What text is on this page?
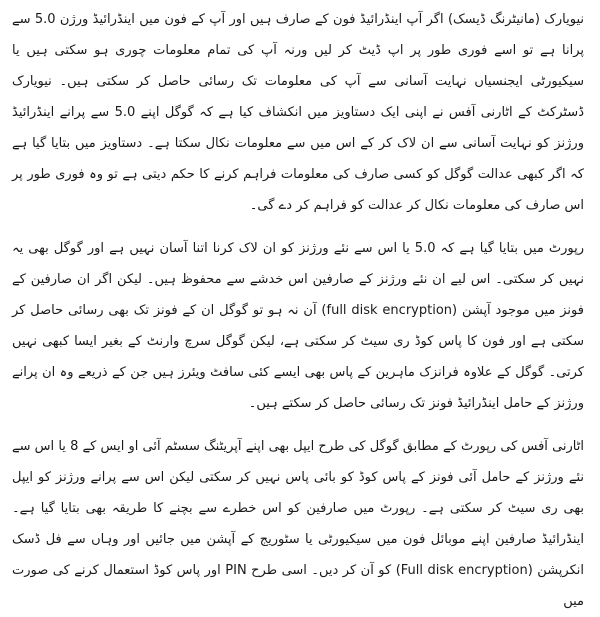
نیویارک (مانیٹرنگ ڈیسک) اگر آپ اینڈرائیڈ فون کے صارف ہیں اور آپ کے فون میں اینڈرائیڈ ورژن 5.0 سے پرانا ہے تو اسے فوری طور پر اپ ڈیٹ کر لیں ورنہ آپ کی تمام معلومات چوری ہو سکتی ہیں یا سیکیورٹی ایجنسیاں نہایت آسانی سے آپ کی معلومات تک رسائی حاصل کر سکتی ہیں۔ نیویارک ڈسٹرکٹ کے اٹارنی آفس نے اپنی ایک دستاویز میں انکشاف کیا ہے کہ گوگل اپنے 5.0 سے پرانے اینڈرائیڈ ورژنز کو نہایت آسانی سے ان لاک کر کے اس میں سے معلومات نکال سکتا ہے۔ دستاویز میں بتایا گیا ہے کہ اگر کبھی عدالت گوگل کو کسی صارف کی معلومات فراہم کرنے کا حکم دیتی ہے تو وہ فوری طور پر اس صارف کی معلومات نکال کر عدالت کو فراہم کر دے گی۔

رپورٹ میں بتایا گیا ہے کہ 5.0 یا اس سے نئے ورژنز کو ان لاک کرنا اتنا آسان نہیں ہے اور گوگل بھی یہ نہیں کر سکتی۔ اس لیے ان نئے ورژنز کے صارفین اس خدشے سے محفوظ ہیں۔ لیکن اگر ان صارفین کے فونز میں موجود آپشن (full disk encryption) آن نہ ہو تو گوگل ان کے فونز تک بھی رسائی حاصل کر سکتی ہے اور فون کا پاس کوڈ ری سیٹ کر سکتی ہے، لیکن گوگل سرچ وارنٹ کے بغیر ایسا کبھی نہیں کرتی۔ گوگل کے علاوہ فرانزک ماہرین کے پاس بھی ایسے کئی سافٹ ویئرز ہیں جن کے ذریعے وہ ان پرانے ورژنز کے حامل اینڈرائیڈ فونز تک رسائی حاصل کر سکتے ہیں۔

اٹارنی آفس کی رپورٹ کے مطابق گوگل کی طرح ایپل بھی اپنے آپریٹنگ سسٹم آئی او ایس کے 8 یا اس سے نئے ورژنز کے حامل آئی فونز کے پاس کوڈ کو بائی پاس نہیں کر سکتی لیکن اس سے پرانے ورژنز کو ایپل بھی ری سیٹ کر سکتی ہے۔ رپورٹ میں صارفین کو اس خطرے سے بچنے کا طریقہ بھی بتایا گیا ہے۔ اینڈرائیڈ صارفین اپنے موبائل فون میں سیکیورٹی یا سٹوریج کے آپشن میں جائیں اور وہاں سے فل ڈسک انکرپشن (Full disk encryption) کو آن کر دیں۔ اسی طرح PIN اور پاس کوڈ استعمال کرنے کی صورت میں
